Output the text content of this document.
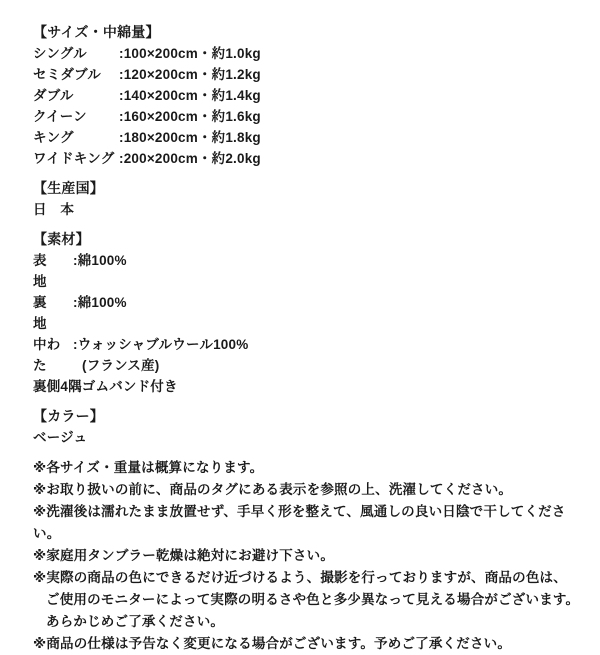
【サイズ・中綿量】

シングル	:100×200cm・約1.0kg
セミダブル	:120×200cm・約1.2kg
ダブル	:140×200cm・約1.4kg
クイーン	:160×200cm・約1.6kg
キング	:180×200cm・約1.8kg
ワイドキング :200×200cm・約2.0kg

【生産国】

日　本

【素材】

表　地
:綿100%
裏　地
:綿100%
中わた
:ウォッシャブルウール100%
(フランス産)
裏側4隅ゴムバンド付き

【カラー】

ベージュ
※各サイズ・重量は概算になります。
※お取り扱いの前に、商品のタグにある表示を参照の上、洗濯してください。
※洗濯後は濡れたまま放置せず、手早く形を整えて、風通しの良い日陰で干してください。
※家庭用タンブラー乾燥は絶対にお避け下さい。
※実際の商品の色にできるだけ近づけるよう、撮影を行っておりますが、商品の色は、
ご使用のモニターによって実際の明るさや色と多少異なって見える場合がございます。
あらかじめご了承ください。
※商品の仕様は予告なく変更になる場合がございます。予めご了承ください。
